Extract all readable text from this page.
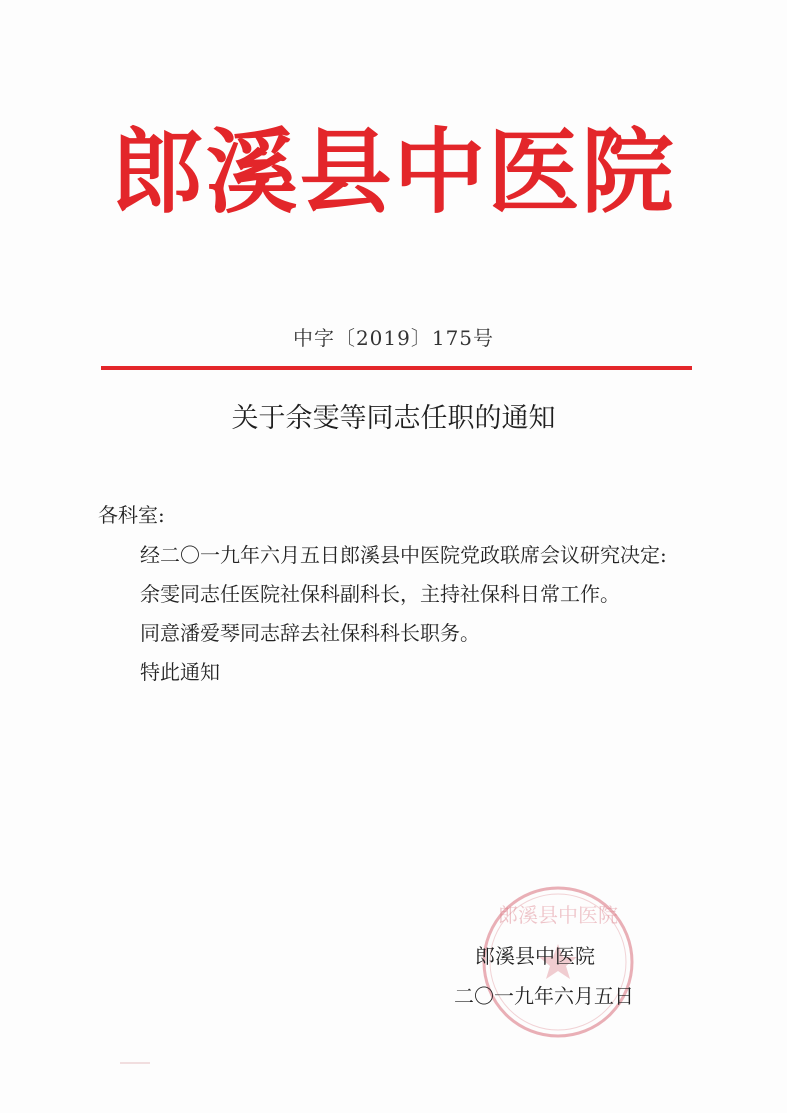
郎溪县中医院
中字〔2019〕175号
关于余雯等同志任职的通知

各科室:

经二〇一九年六月五日郎溪县中医院党政联席会议研究决定:

余雯同志任医院社保科副科长，主持社保科日常工作。

同意潘爱琴同志辞去社保科科长职务。

特此通知

郎溪县中医院
郎溪县中医院
二〇一九年六月五日
